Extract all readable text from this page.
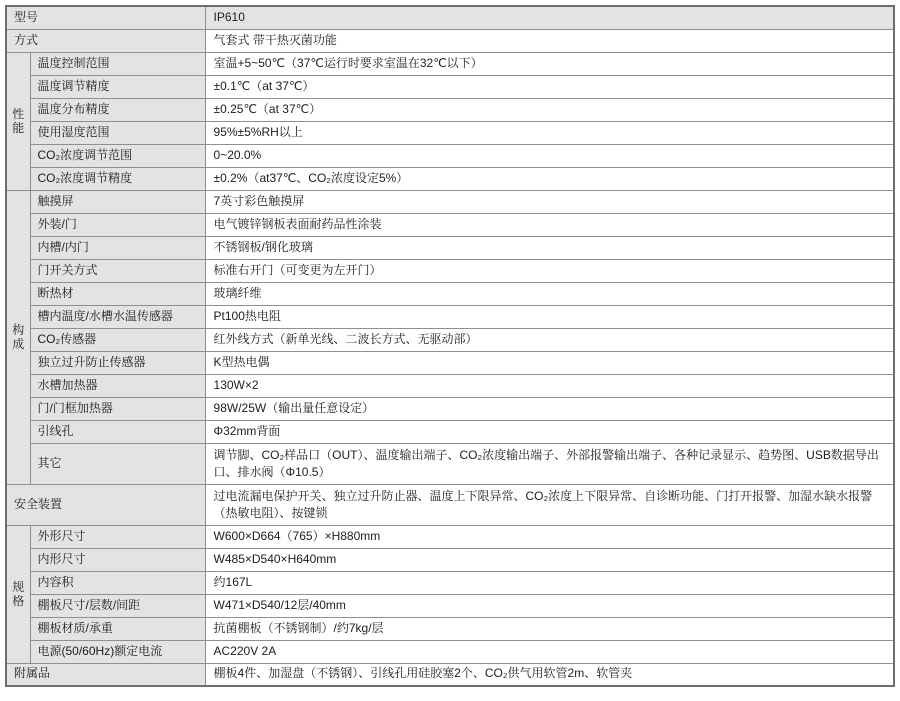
型号		IP610
方式		气套式 带干热灭菌功能
性能	温度控制范围	室温+5~50℃（37℃运行时要求室温在32℃以下）
	温度调节精度	±0.1℃（at 37℃）
	温度分布精度	±0.25℃（at 37℃）
	使用湿度范围	95%±5%RH以上
	CO₂浓度调节范围	0~20.0%
	CO₂浓度调节精度	±0.2%（at37℃、CO₂浓度设定5%）
构成	触摸屏	7英寸彩色触摸屏
	外装/门	电气镀锌钢板表面耐药品性涂装
	内槽/内门	不锈钢板/钢化玻璃
	门开关方式	标准右开门（可变更为左开门）
	断热材	玻璃纤维
	槽内温度/水槽水温传感器	Pt100热电阻
	CO₂传感器	红外线方式（新单光线、二波长方式、无驱动部）
	独立过升防止传感器	K型热电偶
	水槽加热器	130W×2
	门/门框加热器	98W/25W（输出量任意设定）
	引线孔	Φ32mm背面
	其它	调节脚、CO₂样品口（OUT）、温度输出端子、CO₂浓度输出端子、外部报警输出端子、各种记录显示、趋势图、USB数据导出口、排水阀（Φ10.5）
安全装置		过电流漏电保护开关、独立过升防止器、温度上下限异常、CO₂浓度上下限异常、自诊断功能、门打开报警、加湿水缺水报警（热敏电阻）、按键锁
规格	外形尺寸	W600×D664（765）×H880mm
	内形尺寸	W485×D540×H640mm
	内容积	约167L
	棚板尺寸/层数/间距	W471×D540/12层/40mm
	棚板材质/承重	抗菌棚板（不锈钢制）/约7kg/层
	电源(50/60Hz)额定电流	AC220V 2A
附属品		棚板4件、加湿盘（不锈钢）、引线孔用硅胶塞2个、CO₂供气用软管2m、软管夹
